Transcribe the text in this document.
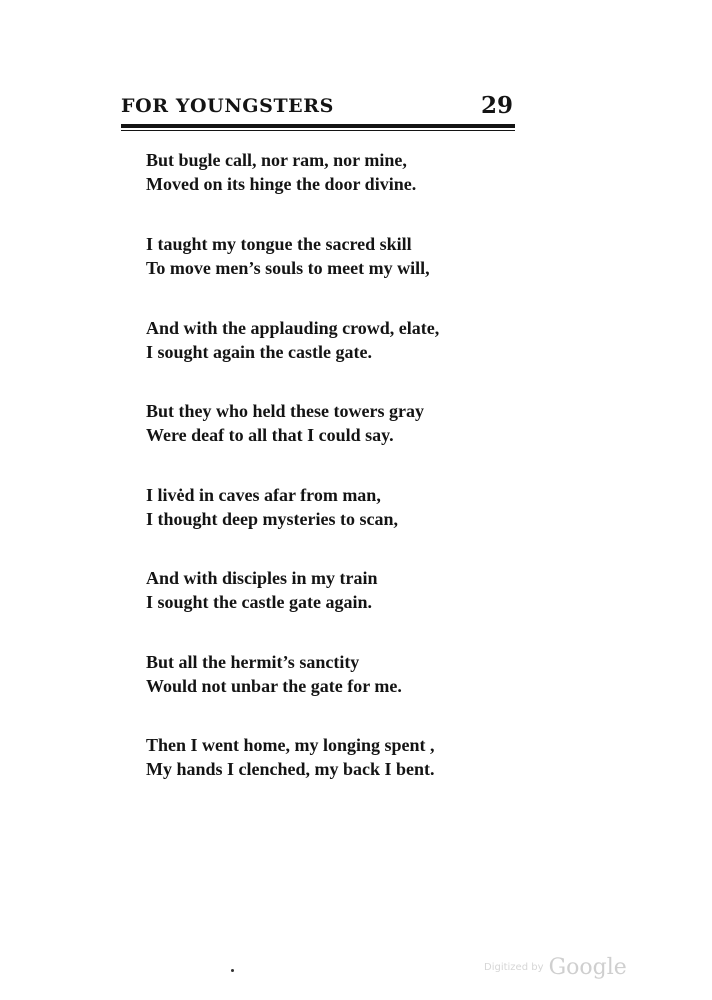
FOR YOUNGSTERS	29
But bugle call, nor ram, nor mine,
Moved on its hinge the door divine.
I taught my tongue the sacred skill
To move men’s souls to meet my will,
And with the applauding crowd, elate,
I sought again the castle gate.
But they who held these towers gray
Were deaf to all that I could say.
I livėd in caves afar from man,
I thought deep mysteries to scan,
And with disciples in my train
I sought the castle gate again.
But all the hermit’s sanctity
Would not unbar the gate for me.
Then I went home, my longing spent ,
My hands I clenched, my back I bent.
Digitized by Google
